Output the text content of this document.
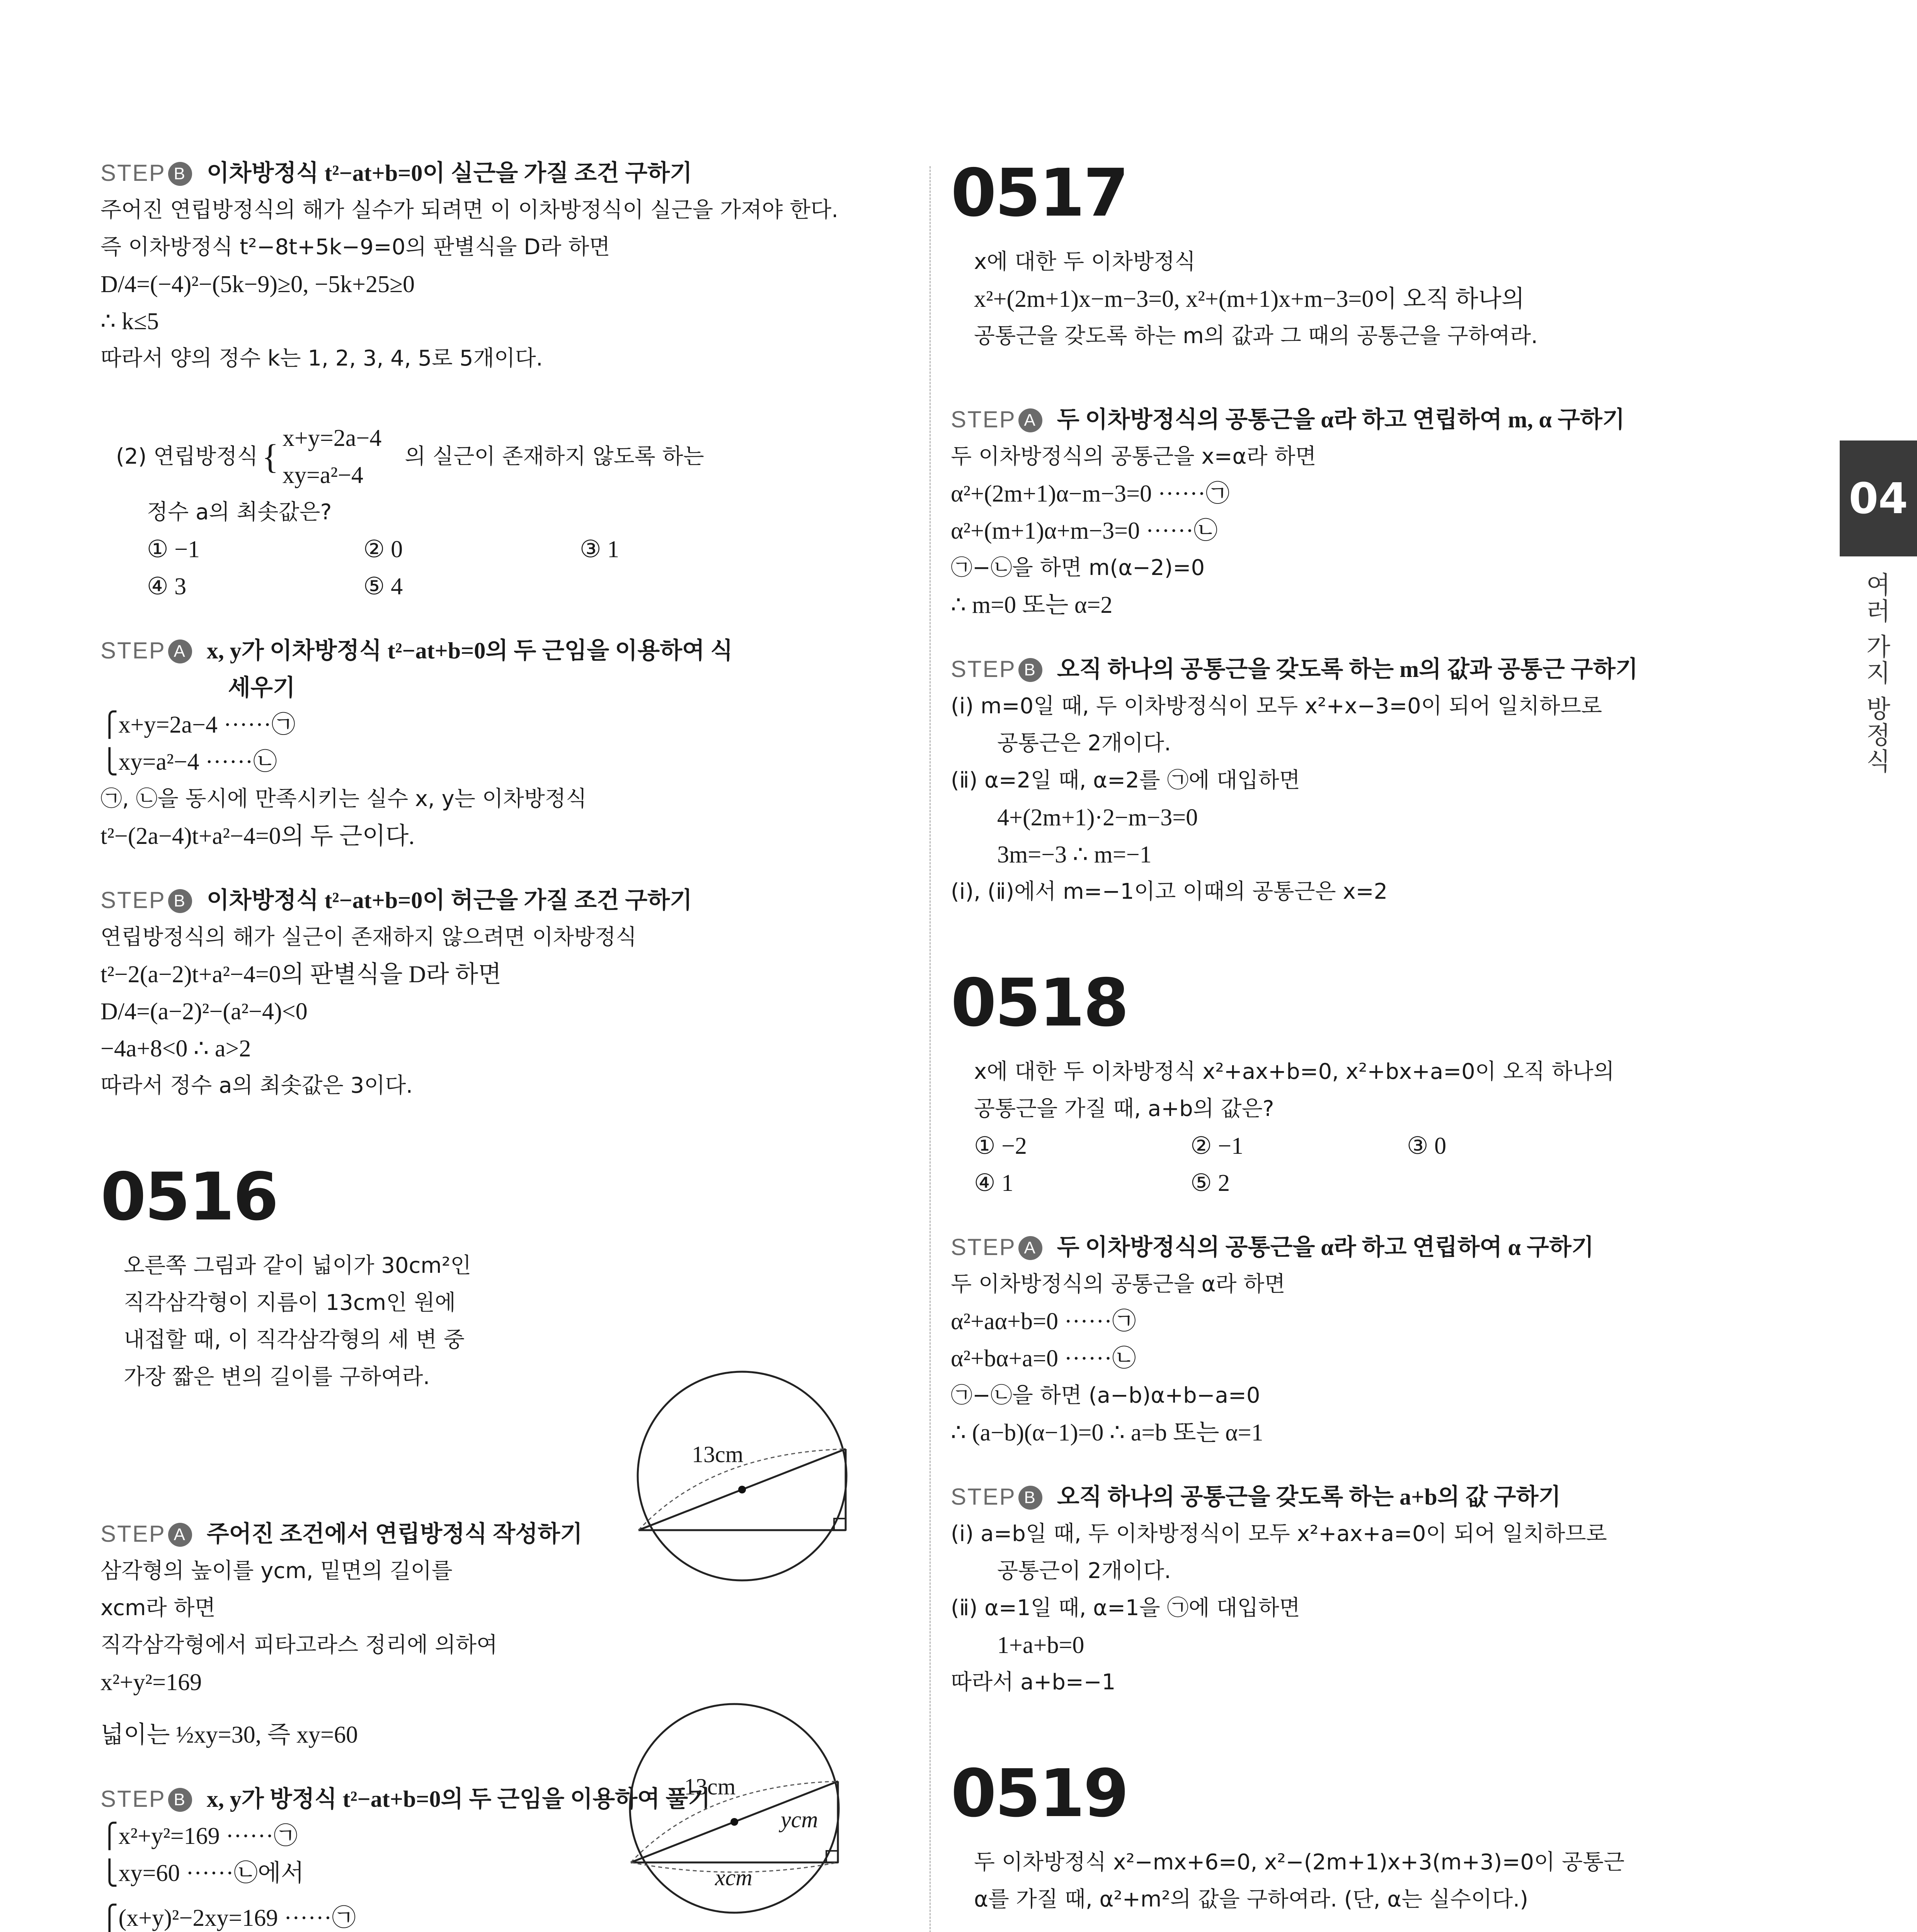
STEP B 이차방정식 t²−at+b=0이 실근을 가질 조건 구하기
주어진 연립방정식의 해가 실수가 되려면 이 이차방정식이 실근을 가져야 한다.
즉 이차방정식 t²−8t+5k−9=0의 판별식을 D라 하면
D/4=(−4)²−(5k−9)≥0, −5k+25≥0
∴ k≤5
따라서 양의 정수 k는 1, 2, 3, 4, 5로 5개이다.
(2) 연립방정식 { x+y=2a−4
xy=a²−4
의 실근이 존재하지 않도록 하는
정수 a의 최솟값은?
① −1	② 0	③ 1
④ 3	⑤ 4
STEP A x, y가 이차방정식 t²−at+b=0의 두 근임을 이용하여 식
세우기
⎧x+y=2a−4 ······㉠
⎩xy=a²−4 ······㉡
㉠, ㉡을 동시에 만족시키는 실수 x, y는 이차방정식
t²−(2a−4)t+a²−4=0의 두 근이다.
STEP B 이차방정식 t²−at+b=0이 허근을 가질 조건 구하기
연립방정식의 해가 실근이 존재하지 않으려면 이차방정식
t²−2(a−2)t+a²−4=0의 판별식을 D라 하면
D/4=(a−2)²−(a²−4)<0
−4a+8<0 ∴ a>2
따라서 정수 a의 최솟값은 3이다.
0516
오른쪽 그림과 같이 넓이가 30cm²인
직각삼각형이 지름이 13cm인 원에
내접할 때, 이 직각삼각형의 세 변 중
가장 짧은 변의 길이를 구하여라.
STEP A 주어진 조건에서 연립방정식 작성하기
삼각형의 높이를 ycm, 밑면의 길이를
xcm라 하면
직각삼각형에서 피타고라스 정리에 의하여
x²+y²=169
넓이는 ½xy=30, 즉 xy=60
STEP B x, y가 방정식 t²−at+b=0의 두 근임을 이용하여 풀기
⎧x²+y²=169 ······㉠
⎩xy=60 ······㉡에서
⎧(x+y)²−2xy=169 ······㉠
13cm
13cm
ycm
xcm
0517
x에 대한 두 이차방정식
x²+(2m+1)x−m−3=0, x²+(m+1)x+m−3=0이 오직 하나의
공통근을 갖도록 하는 m의 값과 그 때의 공통근을 구하여라.
STEP A 두 이차방정식의 공통근을 α라 하고 연립하여 m, α 구하기
두 이차방정식의 공통근을 x=α라 하면
α²+(2m+1)α−m−3=0 ······㉠
α²+(m+1)α+m−3=0 ······㉡
㉠−㉡을 하면 m(α−2)=0
∴ m=0 또는 α=2
STEP B 오직 하나의 공통근을 갖도록 하는 m의 값과 공통근 구하기
(ⅰ) m=0일 때, 두 이차방정식이 모두 x²+x−3=0이 되어 일치하므로
공통근은 2개이다.
(ⅱ) α=2일 때, α=2를 ㉠에 대입하면
4+(2m+1)·2−m−3=0
3m=−3 ∴ m=−1
(ⅰ), (ⅱ)에서 m=−1이고 이때의 공통근은 x=2
0518
x에 대한 두 이차방정식 x²+ax+b=0, x²+bx+a=0이 오직 하나의
공통근을 가질 때, a+b의 값은?
① −2	② −1	③ 0
④ 1	⑤ 2
STEP A 두 이차방정식의 공통근을 α라 하고 연립하여 α 구하기
두 이차방정식의 공통근을 α라 하면
α²+aα+b=0 ······㉠
α²+bα+a=0 ······㉡
㉠−㉡을 하면 (a−b)α+b−a=0
∴ (a−b)(α−1)=0 ∴ a=b 또는 α=1
STEP B 오직 하나의 공통근을 갖도록 하는 a+b의 값 구하기
(ⅰ) a=b일 때, 두 이차방정식이 모두 x²+ax+a=0이 되어 일치하므로
공통근이 2개이다.
(ⅱ) α=1일 때, α=1을 ㉠에 대입하면
1+a+b=0
따라서 a+b=−1
0519
두 이차방정식 x²−mx+6=0, x²−(2m+1)x+3(m+3)=0이 공통근
α를 가질 때, α²+m²의 값을 구하여라. (단, α는 실수이다.)
04
여러 가지 방정식
